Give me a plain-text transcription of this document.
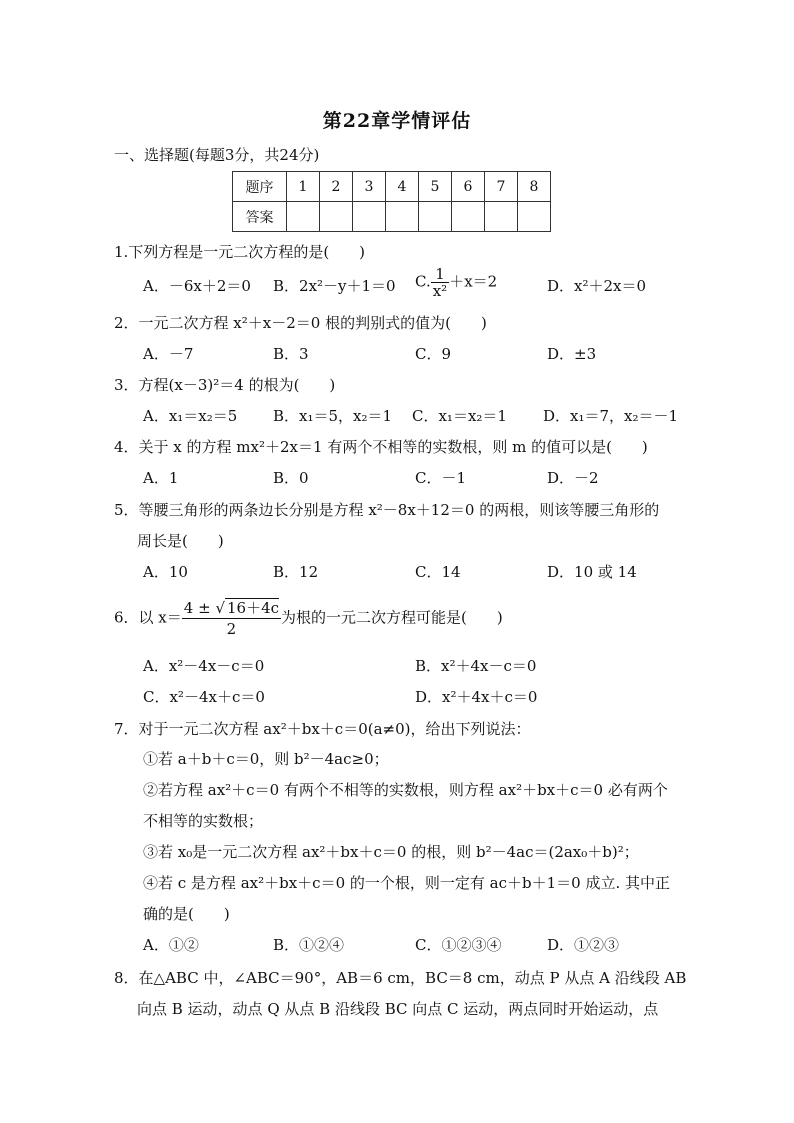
第22章学情评估
一、选择题(每题3分，共24分)
题序	1	2	3	4	5	6	7	8
答案								
1.下列方程是一元二次方程的是(　　)
A．－6x＋2＝0 B．2x²－y＋1＝0 C. $\frac{1}{\text{x²}} +x=2$	D．x²＋2x＝0
2．一元二次方程 x²＋x－2＝0 根的判别式的值为(　　)
A．－7	B．3	C．9	D．±3
3．方程(x－3)²＝4 的根为(　　)
A．x₁＝x₂＝5 B．x₁＝5，x₂＝1 C．x₁＝x₂＝1 D．x₁＝7，x₂＝－1
4．关于 x 的方程 mx²＋2x＝1 有两个不相等的实数根，则 m 的值可以是(　　)
A．1	B．0	C．－1	D．－2
5．等腰三角形的两条边长分别是方程 x²－8x＋12＝0 的两根，则该等腰三角形的
周长是(　　)
A．10	B．12	C．14	D．10 或 14
6．以 $x= \frac{4 \pm √ 16+4c}{2}$ 为根的一元二次方程可能是(　　)
A．x²－4x－c＝0	B．x²＋4x－c＝0
C．x²－4x＋c＝0	D．x²＋4x＋c＝0
7．对于一元二次方程 ax²＋bx＋c＝0(a≠0)，给出下列说法：
①若 a＋b＋c＝0，则 b²－4ac≥0；
②若方程 ax²＋c＝0 有两个不相等的实数根，则方程 ax²＋bx＋c＝0 必有两个
不相等的实数根；
③若 x₀是一元二次方程 ax²＋bx＋c＝0 的根，则 b²－4ac＝(2ax₀＋b)²；
④若 c 是方程 ax²＋bx＋c＝0 的一个根，则一定有 ac＋b＋1＝0 成立. 其中正
确的是(　　)
A．①②	B．①②④	C．①②③④	D．①②③
8．在△ABC 中，∠ABC＝90°，AB＝6 cm，BC＝8 cm，动点 P 从点 A 沿线段 AB
向点 B 运动，动点 Q 从点 B 沿线段 BC 向点 C 运动，两点同时开始运动，点
